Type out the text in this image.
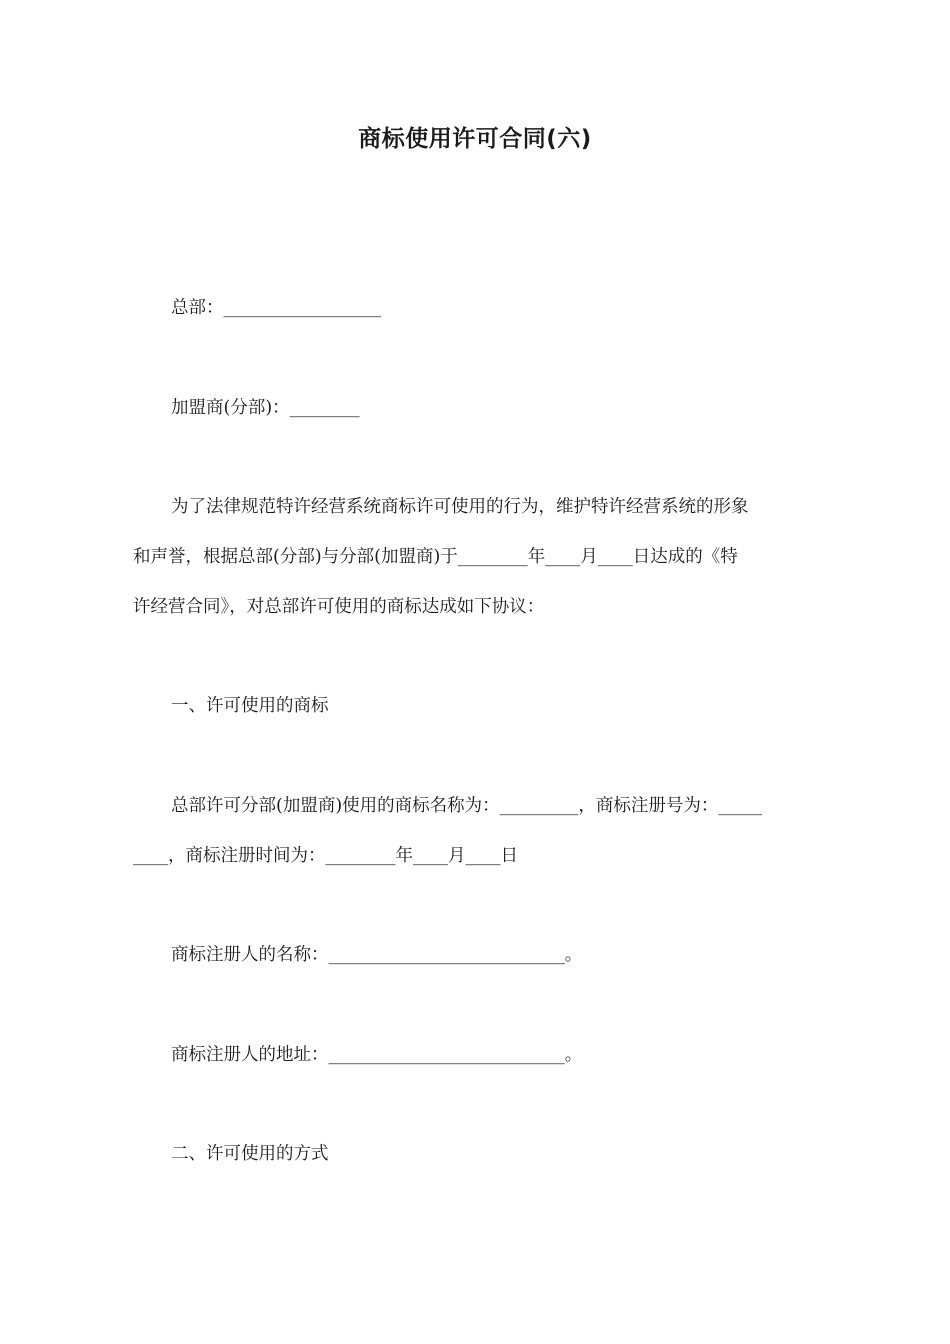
商标使用许可合同(六)

总部：__________________

加盟商(分部)：________

为了法律规范特许经营系统商标许可使用的行为，维护特许经营系统的形象
和声誉，根据总部(分部)与分部(加盟商)于________年____月____日达成的《特
许经营合同》，对总部许可使用的商标达成如下协议：

一、许可使用的商标

总部许可分部(加盟商)使用的商标名称为：_________，商标注册号为：_____
____，商标注册时间为：________年____月____日

商标注册人的名称：___________________________。

商标注册人的地址：___________________________。

二、许可使用的方式
